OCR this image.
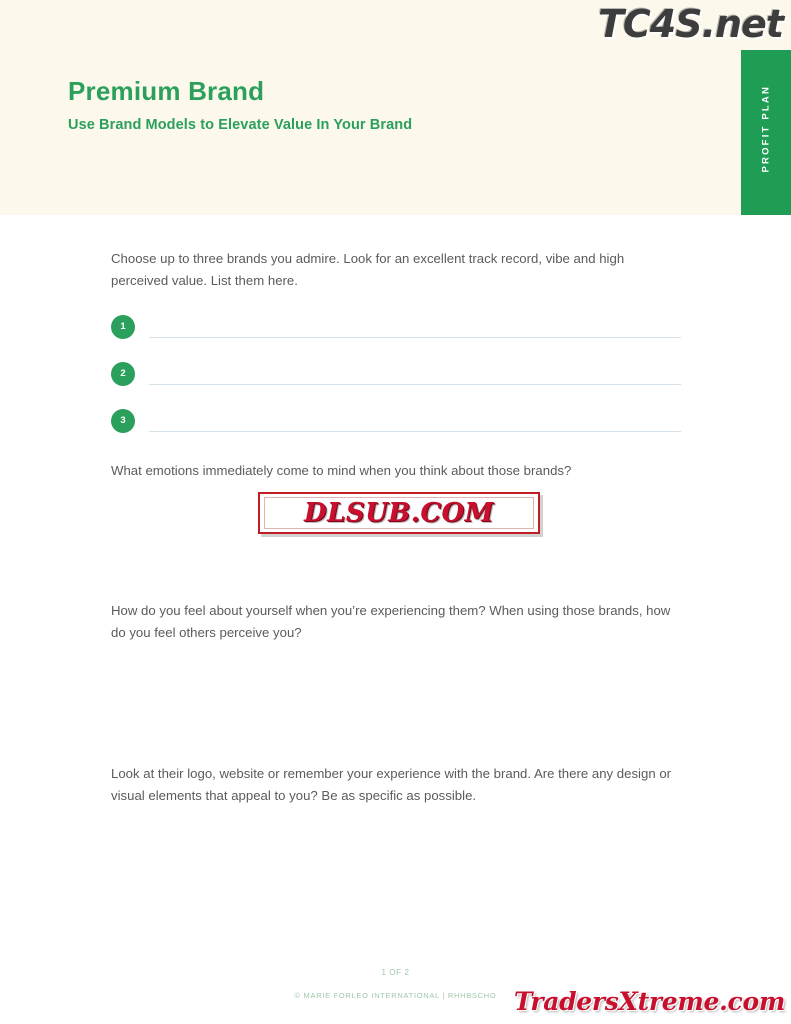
Premium Brand
Use Brand Models to Elevate Value In Your Brand	PROFIT PLAN
TC4S.net
Choose up to three brands you admire. Look for an excellent track record, vibe and high perceived value. List them here.
1
2
3
What emotions immediately come to mind when you think about those brands?
How do you feel about yourself when you’re experiencing them? When using those brands, how do you feel others perceive you?
Look at their logo, website or remember your experience with the brand. Are there any design or visual elements that appeal to you? Be as specific as possible.
DLSUB.COM
1 OF 2
© MARIE FORLEO INTERNATIONAL | RHHBSCHO TradersXtreme.com
